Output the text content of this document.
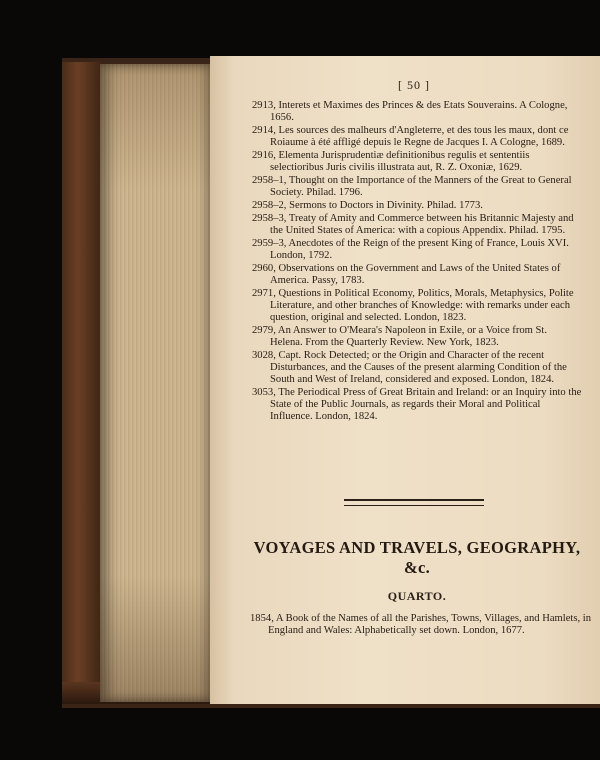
[ 50 ]
2913, Interets et Maximes des Princes & des Etats Souverains. A Cologne, 1656.
2914, Les sources des malheurs d'Angleterre, et des tous les maux, dont ce Roiaume à été affligé depuis le Regne de Jacques I. A Cologne, 1689.
2916, Elementa Jurisprudentiæ definitionibus regulis et sententiis selectioribus Juris civilis illustrata aut, R. Z. Oxoniæ, 1629.
2958–1, Thought on the Importance of the Manners of the Great to General Society. Philad. 1796.
2958–2, Sermons to Doctors in Divinity. Philad. 1773.
2958–3, Treaty of Amity and Commerce between his Britannic Majesty and the United States of America: with a copious Appendix. Philad. 1795.
2959–3, Anecdotes of the Reign of the present King of France, Louis XVI. London, 1792.
2960, Observations on the Government and Laws of the United States of America. Passy, 1783.
2971, Questions in Political Economy, Politics, Morals, Metaphysics, Polite Literature, and other branches of Knowledge: with remarks under each question, original and selected. London, 1823.
2979, An Answer to O'Meara's Napoleon in Exile, or a Voice from St. Helena. From the Quarterly Review. New York, 1823.
3028, Capt. Rock Detected; or the Origin and Character of the recent Disturbances, and the Causes of the present alarming Condition of the South and West of Ireland, considered and exposed. London, 1824.
3053, The Periodical Press of Great Britain and Ireland: or an Inquiry into the State of the Public Journals, as regards their Moral and Political Influence. London, 1824.
VOYAGES AND TRAVELS, GEOGRAPHY, &c.
QUARTO.
1854, A Book of the Names of all the Parishes, Towns, Villages, and Hamlets, in England and Wales: Alphabetically set down. London, 1677.
